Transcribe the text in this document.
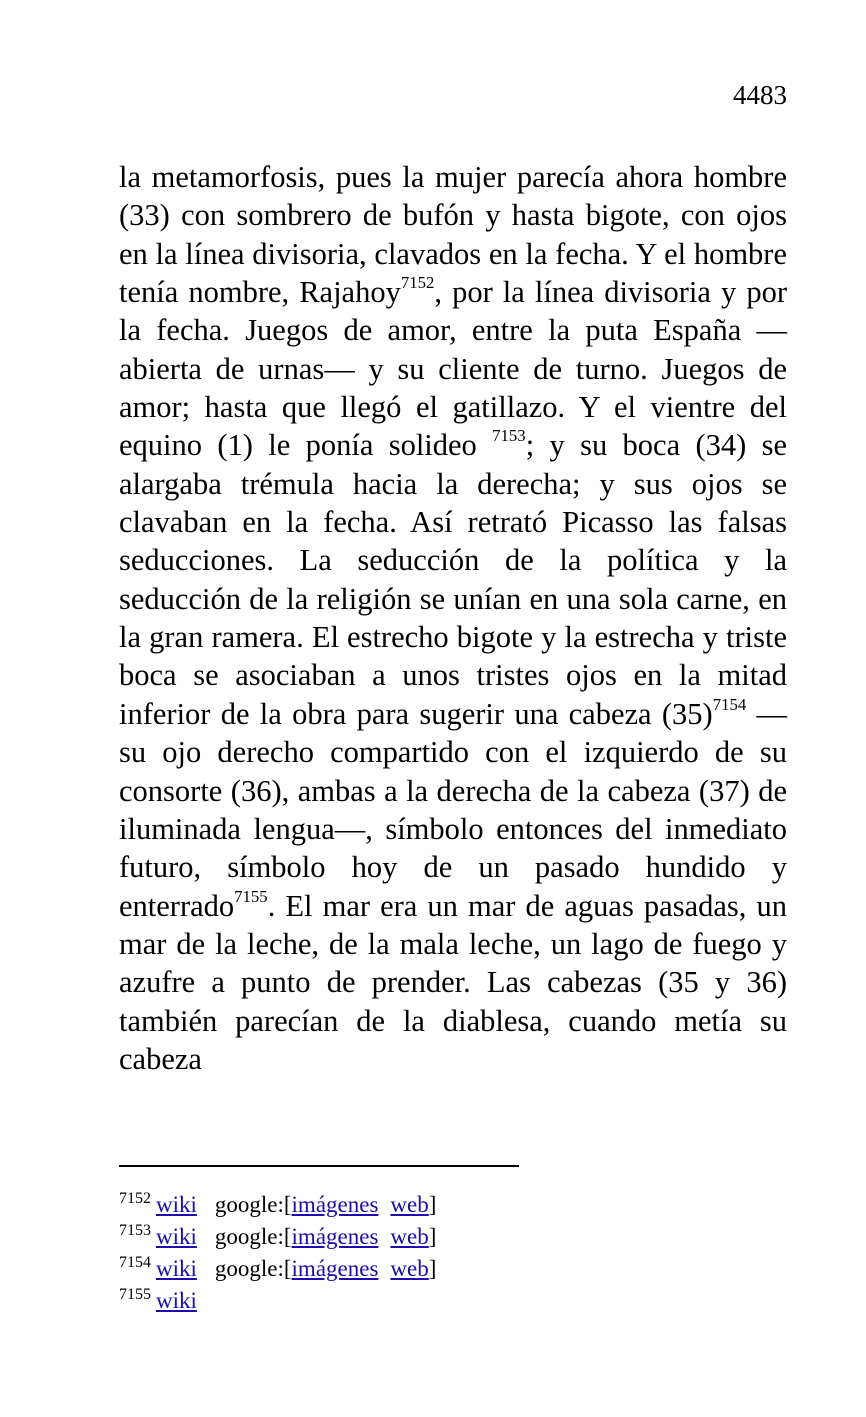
4483

la metamorfosis, pues la mujer parecía ahora hombre (33) con sombrero de bufón y hasta bigote, con ojos en la línea divisoria, clavados en la fecha. Y el hombre tenía nombre, Rajahoy$^{7152}$, por la línea divisoria y por la fecha. Juegos de amor, entre la puta España —abierta de urnas— y su cliente de turno. Juegos de amor; hasta que llegó el gatillazo. Y el vientre del equino (1) le ponía solideo $^{7153}$; y su boca (34) se alargaba trémula hacia la derecha; y sus ojos se clavaban en la fecha. Así retrató Picasso las falsas seducciones. La seducción de la política y la seducción de la religión se unían en una sola carne, en la gran ramera. El estrecho bigote y la estrecha y triste boca se asociaban a unos tristes ojos en la mitad inferior de la obra para sugerir una cabeza $(35)^{7154}$ —su ojo derecho compartido con el izquierdo de su consorte (36), ambas a la derecha de la cabeza (37) de iluminada lengua—, símbolo entonces del inmediato futuro, símbolo hoy de un pasado hundido y enterrado$^{7155}$. El mar era un mar de aguas pasadas, un mar de la leche, de la mala leche, un lago de fuego y azufre a punto de prender. Las cabezas (35 y 36) también parecían de la diablesa, cuando metía su cabeza

$^{7152}$ wiki google:[imágenes web]
$^{7153}$ wiki google:[imágenes web]
$^{7154}$ wiki google:[imágenes web]
$^{7155}$ wiki
